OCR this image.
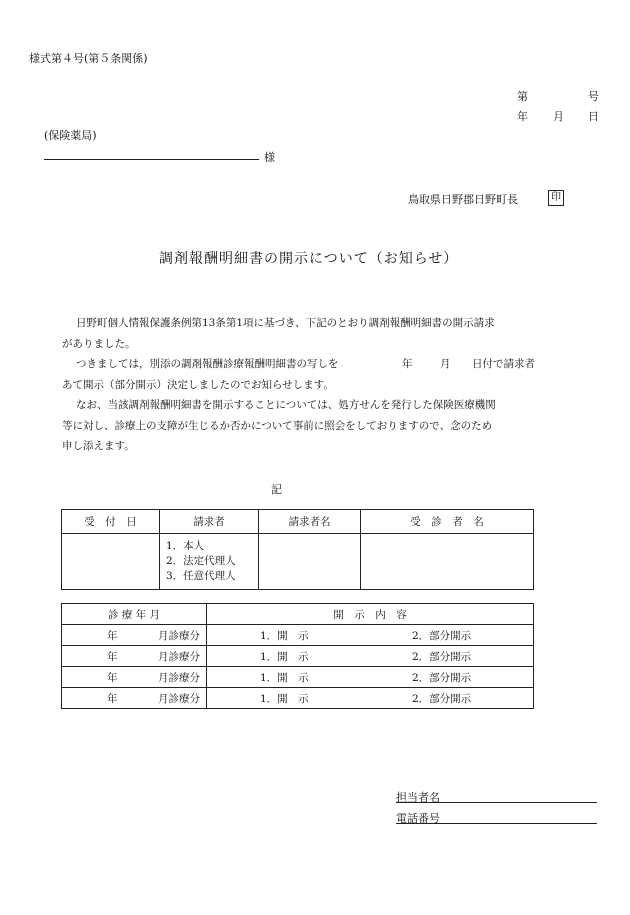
様式第４号(第５条関係)
第	号
年 月 日
(保険薬局)
様
鳥取県日野郡日野町長	印
調剤報酬明細書の開示について（お知らせ）

日野町個人情報保護条例第13条第1項に基づき、下記のとおり調剤報酬明細書の開示請求

がありました。

つきましては，別添の調剤報酬診療報酬明細書の写しを	年	月 日付で請求者

あて開示（部分開示）決定しましたのでお知らせします。

なお、当該調剤報酬明細書を開示することについては、処方せんを発行した保険医療機関

等に対し、診療上の支障が生じるか否かについて事前に照会をしておりますので、念のため

申し添えます。

記
受　付　日	請求者	請求者名	受　診　者　名

	1．本人
2．法定代理人
3．任意代理人		

診 療 年 月	開　示　内　容

年 月診療分	1．開　示 2．部分開示

年 月診療分	1．開　示 2．部分開示

年 月診療分	1．開　示 2．部分開示

年 月診療分	1．開　示 2．部分開示
担当者名
電話番号
